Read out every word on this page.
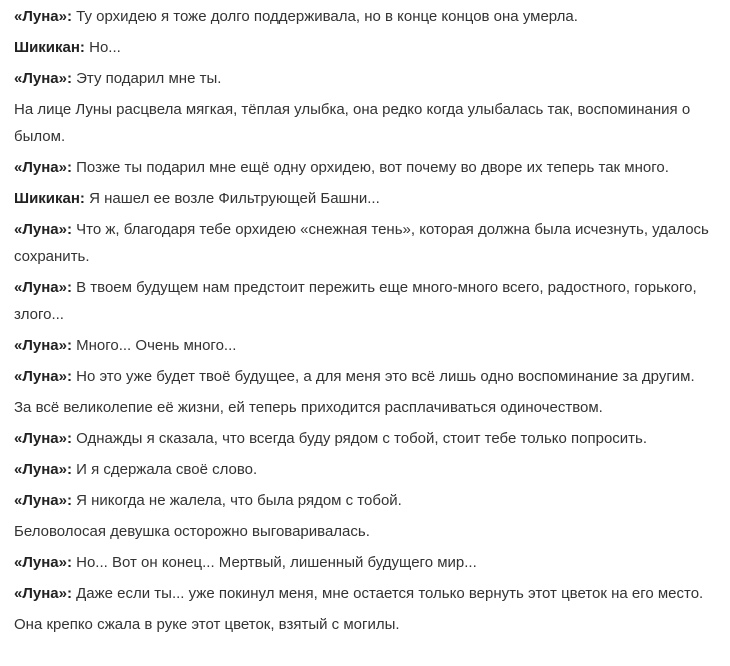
«Луна»: Ту орхидею я тоже долго поддерживала, но в конце концов она умерла.

Шикикан: Но...

«Луна»: Эту подарил мне ты.

На лице Луны расцвела мягкая, тёплая улыбка, она редко когда улыбалась так, воспоминания о былом.

«Луна»: Позже ты подарил мне ещё одну орхидею, вот почему во дворе их теперь так много.

Шикикан: Я нашел ее возле Фильтрующей Башни...

«Луна»: Что ж, благодаря тебе орхидею «снежная тень», которая должна была исчезнуть, удалось сохранить.

«Луна»: В твоем будущем нам предстоит пережить еще много-много всего, радостного, горького, злого...

«Луна»: Много... Очень много...

«Луна»: Но это уже будет твоё будущее, а для меня это всё лишь одно воспоминание за другим.

За всё великолепие её жизни, ей теперь приходится расплачиваться одиночеством.

«Луна»: Однажды я сказала, что всегда буду рядом с тобой, стоит тебе только попросить.

«Луна»: И я сдержала своё слово.

«Луна»: Я никогда не жалела, что была рядом с тобой.

Беловолосая девушка осторожно выговаривалась.

«Луна»: Но... Вот он конец... Мертвый, лишенный будущего мир...

«Луна»: Даже если ты... уже покинул меня, мне остается только вернуть этот цветок на его место.

Она крепко сжала в руке этот цветок, взятый с могилы.
